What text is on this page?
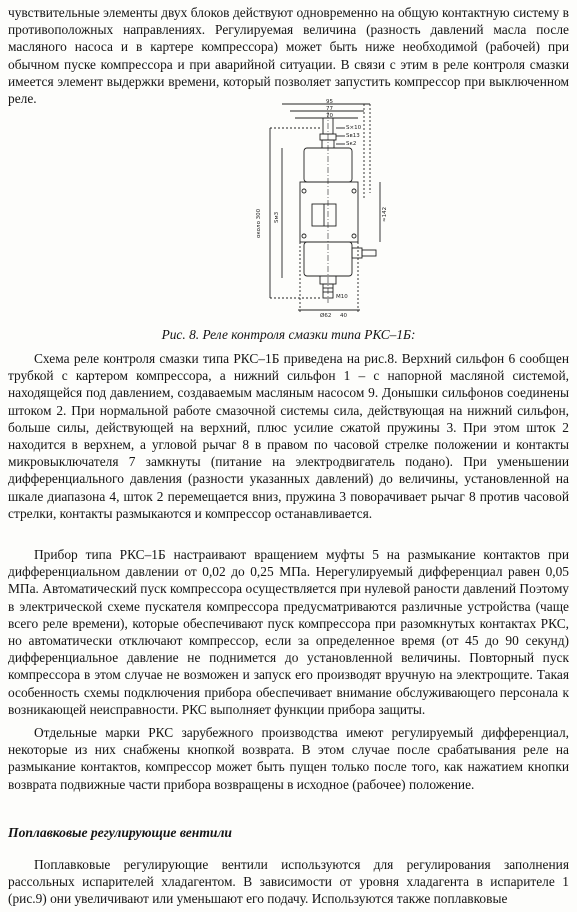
чувствительные элементы двух блоков действуют одновременно на общую контактную систему в противоположных направлениях. Регулируемая величина (разность давлений масла после масляного насоса и в картере компрессора) может быть ниже необходимой (рабочей) при обычном пуске компрессора и при аварийной ситуации. В связи с этим в реле контроля смазки имеется элемент выдержки времени, который позволяет запустить компрессор при выключенном реле.	95
77
70
Ѕ×10
Ѕв13
Ѕк2
около 300 Ѕм3	≈142
Ø62 40
М10
Рис. 8. Реле контроля смазки типа РКС–1Б:

Схема реле контроля смазки типа РКС–1Б приведена на рис.8. Верхний сильфон 6 сообщен трубкой с картером компрессора, а нижний сильфон 1 – с напорной масляной системой, находящейся под давлением, создаваемым масляным насосом 9. Донышки сильфонов соединены штоком 2. При нормальной работе смазочной системы сила, действующая на нижний сильфон, больше силы, действующей на верхний, плюс усилие сжатой пружины 3. При этом шток 2 находится в верхнем, а угловой рычаг 8 в правом по часовой стрелке положении и контакты микровыключателя 7 замкнуты (питание на электродвигатель подано). При уменьшении дифференциального давления (разности указанных давлений) до величины, установленной на шкале диапазона 4, шток 2 перемещается вниз, пружина 3 поворачивает рычаг 8 против часовой стрелки, контакты размыкаются и компрессор останавливается.

Прибор типа РКС–1Б настраивают вращением муфты 5 на размыкание контактов при дифференциальном давлении от 0,02 до 0,25 МПа. Нерегулируемый дифференциал равен 0,05 МПа. Автоматический пуск компрессора осуществляется при нулевой раности давлений Поэтому в электрической схеме пускателя компрессора предусматриваются различные устройства (чаще всего реле времени), которые обеспечивают пуск компрессора при разомкнутых контактах РКС, но автоматически отключают компрессор, если за определенное время (от 45 до 90 секунд) дифференциальное давление не поднимется до установленной величины. Повторный пуск компрессора в этом случае не возможен и запуск его производят вручную на электрощите. Такая особенность схемы подключения прибора обеспечивает внимание обслуживающего персонала к возникающей неисправности. РКС выполняет функции прибора защиты.

Отдельные марки РКС зарубежного производства имеют регулируемый дифференциал, некоторые из них снабжены кнопкой возврата. В этом случае после срабатывания реле на размыкание контактов, компрессор может быть пущен только после того, как нажатием кнопки возврата подвижные части прибора возвращены в исходное (рабочее) положение.

Поплавковые регулирующие вентили

Поплавковые регулирующие вентили используются для регулирования заполнения рассольных испарителей хладагентом. В зависимости от уровня хладагента в испарителе 1 (рис.9) они увеличивают или уменьшают его подачу. Используются также поплавковые
